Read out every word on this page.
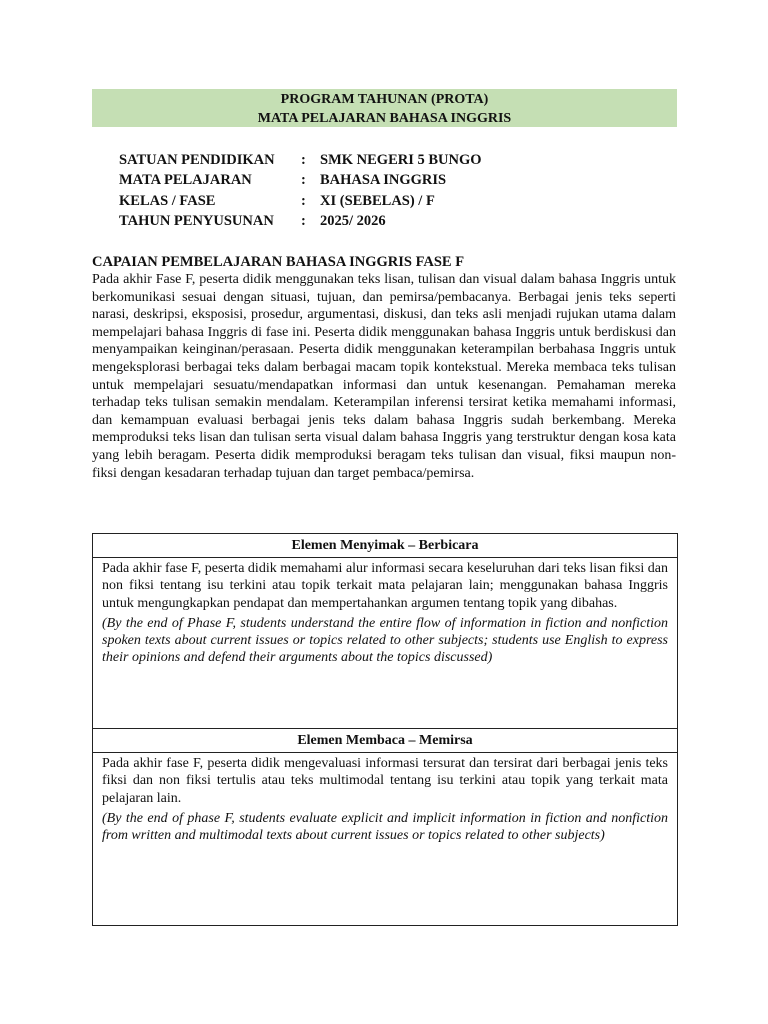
PROGRAM TAHUNAN (PROTA)
MATA PELAJARAN BAHASA INGGRIS
SATUAN PENDIDIKAN : SMK NEGERI 5 BUNGO
MATA PELAJARAN	: BAHASA INGGRIS
KELAS / FASE	: XI (SEBELAS) / F
TAHUN PENYUSUNAN : 2025/ 2026
CAPAIAN PEMBELAJARAN BAHASA INGGRIS FASE F

Pada akhir Fase F, peserta didik menggunakan teks lisan, tulisan dan visual dalam bahasa Inggris untuk berkomunikasi sesuai dengan situasi, tujuan, dan pemirsa/pembacanya. Berbagai jenis teks seperti narasi, deskripsi, eksposisi, prosedur, argumentasi, diskusi, dan teks asli menjadi rujukan utama dalam mempelajari bahasa Inggris di fase ini. Peserta didik menggunakan bahasa Inggris untuk berdiskusi dan menyampaikan keinginan/perasaan. Peserta didik menggunakan keterampilan berbahasa Inggris untuk mengeksplorasi berbagai teks dalam berbagai macam topik kontekstual. Mereka membaca teks tulisan untuk mempelajari sesuatu/mendapatkan informasi dan untuk kesenangan. Pemahaman mereka terhadap teks tulisan semakin mendalam. Keterampilan inferensi tersirat ketika memahami informasi, dan kemampuan evaluasi berbagai jenis teks dalam bahasa Inggris sudah berkembang. Mereka memproduksi teks lisan dan tulisan serta visual dalam bahasa Inggris yang terstruktur dengan kosa kata yang lebih beragam. Peserta didik memproduksi beragam teks tulisan dan visual, fiksi maupun non-fiksi dengan kesadaran terhadap tujuan dan target pembaca/pemirsa.

Elemen Menyimak – Berbicara

Pada akhir fase F, peserta didik memahami alur informasi secara keseluruhan dari teks lisan fiksi dan non fiksi tentang isu terkini atau topik terkait mata pelajaran lain; menggunakan bahasa Inggris untuk mengungkapkan pendapat dan mempertahankan argumen tentang topik yang dibahas.

(By the end of Phase F, students understand the entire flow of information in fiction and nonfiction spoken texts about current issues or topics related to other subjects; students use English to express their opinions and defend their arguments about the topics discussed)

Elemen Membaca – Memirsa

Pada akhir fase F, peserta didik mengevaluasi informasi tersurat dan tersirat dari berbagai jenis teks fiksi dan non fiksi tertulis atau teks multimodal tentang isu terkini atau topik yang terkait mata pelajaran lain.

(By the end of phase F, students evaluate explicit and implicit information in fiction and nonfiction from written and multimodal texts about current issues or topics related to other subjects)
